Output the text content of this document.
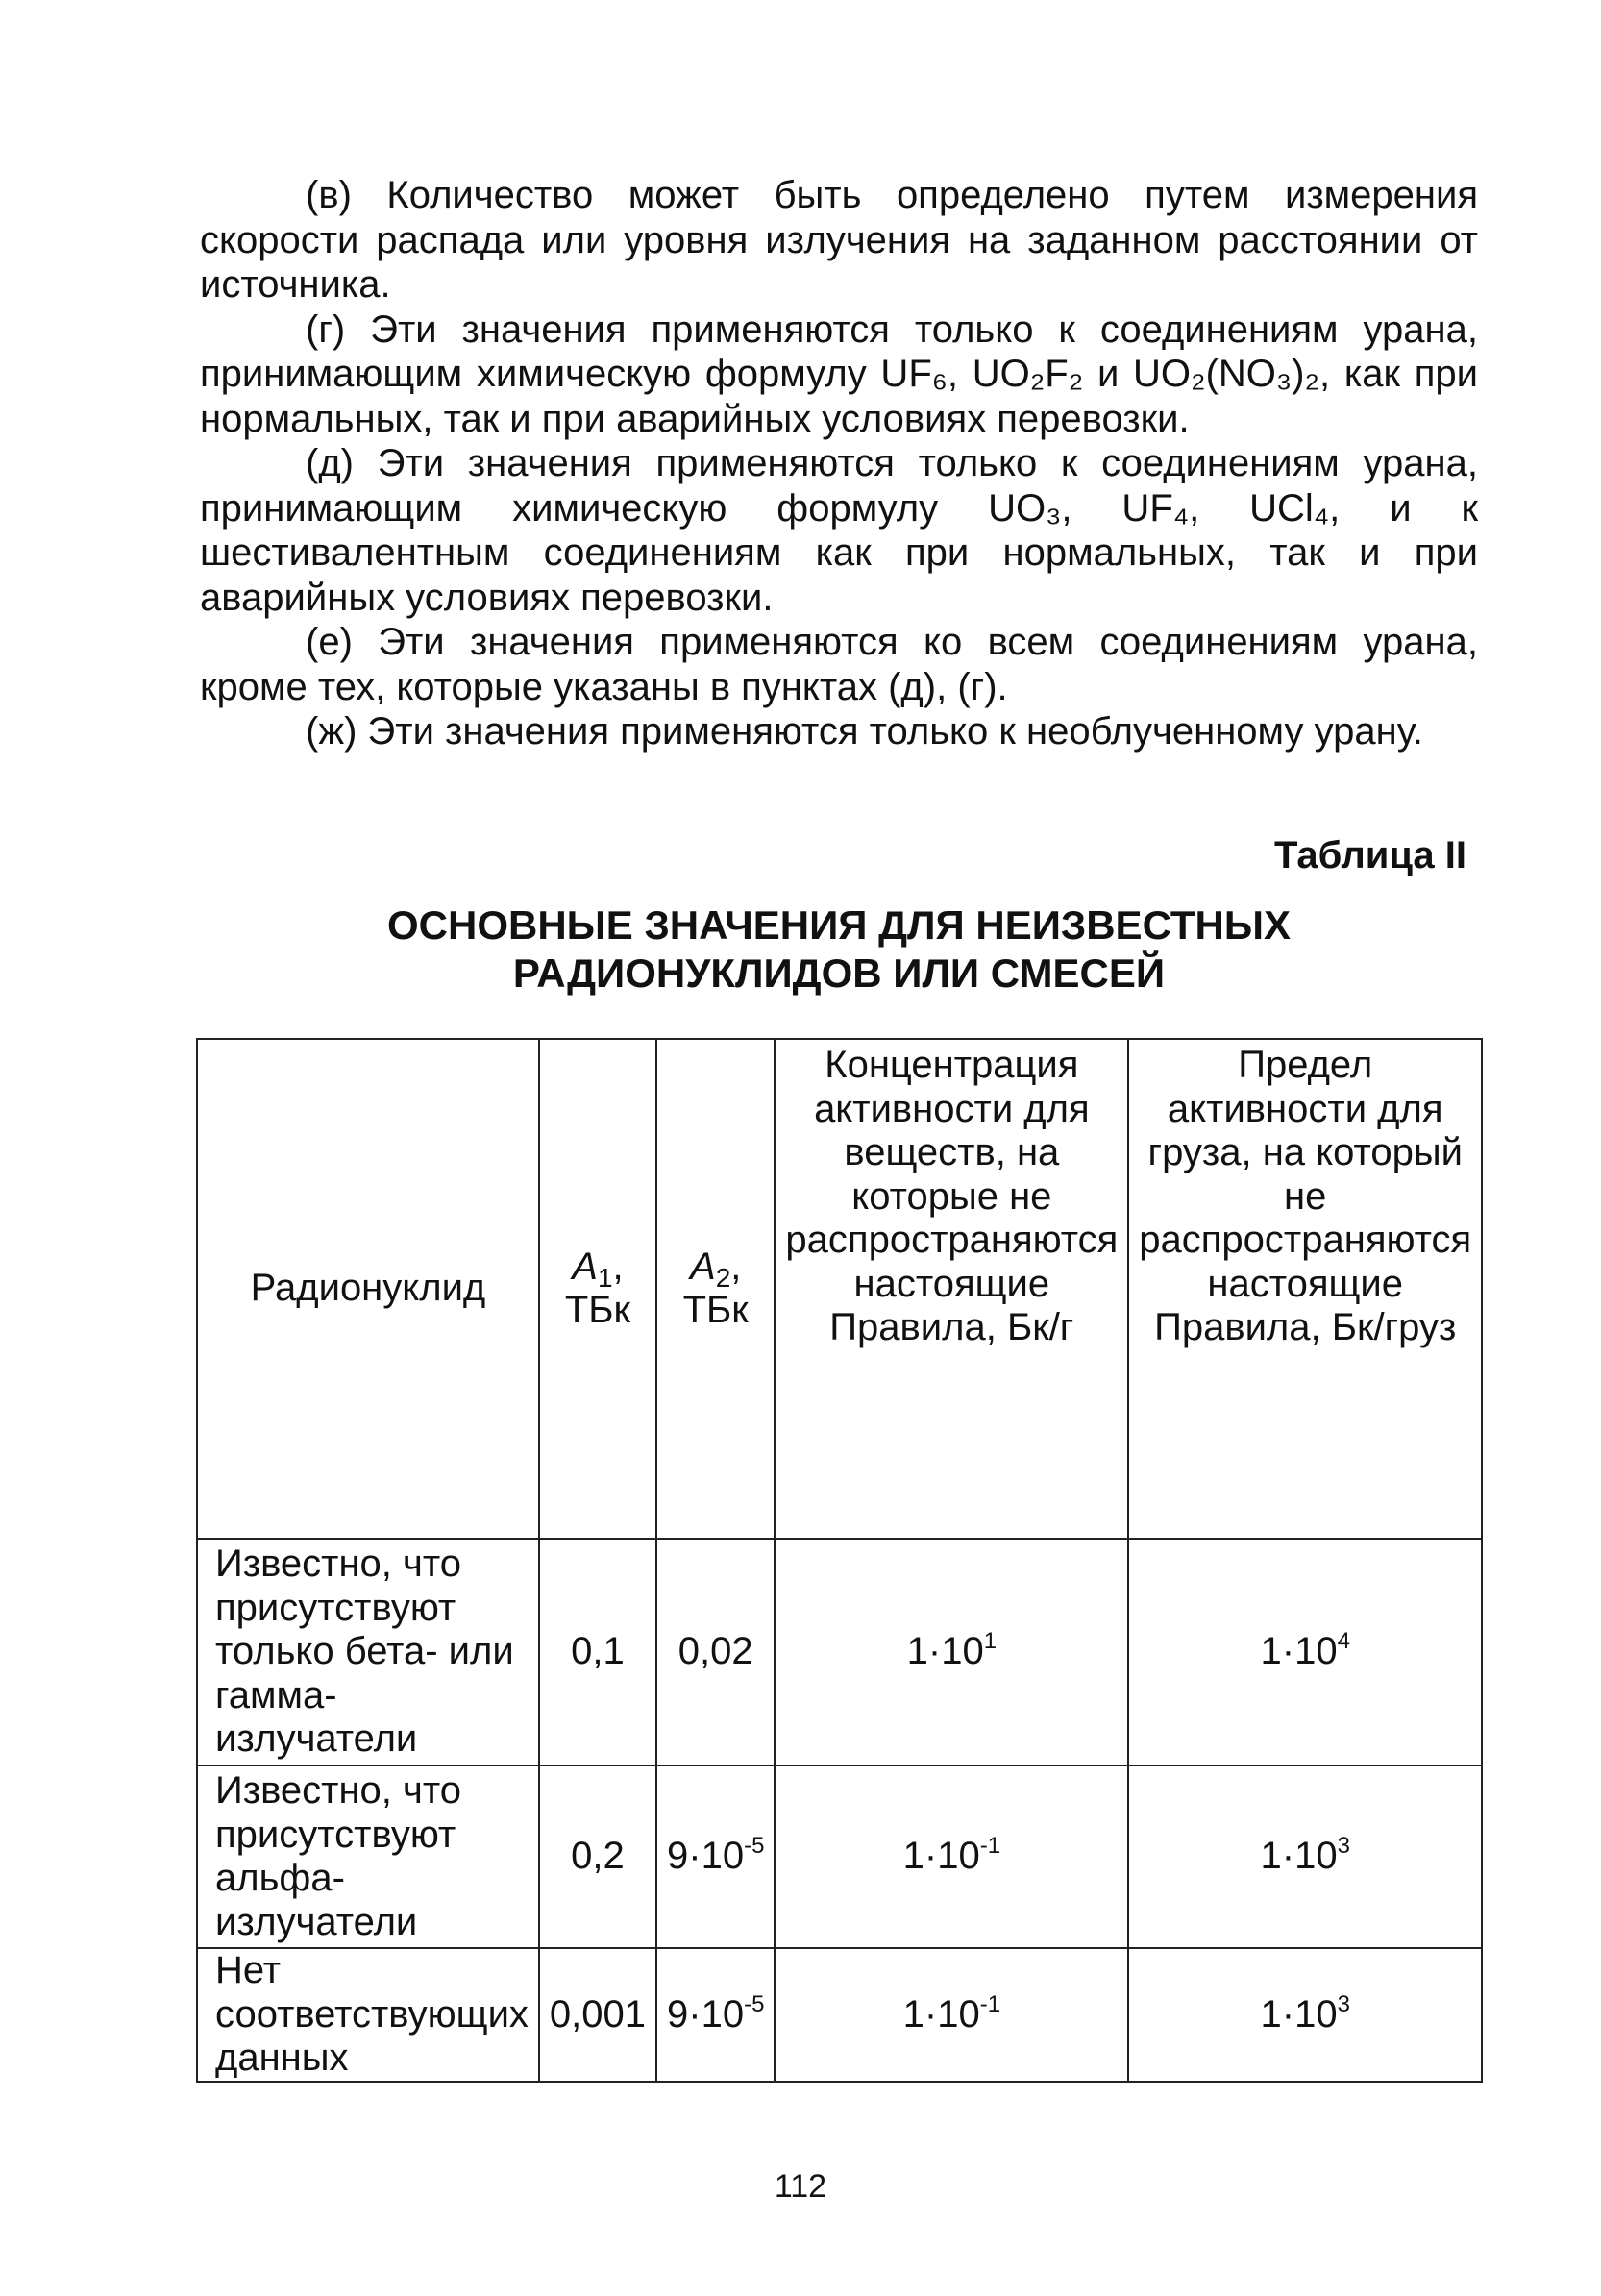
(в) Количество может быть определено путем измерения скорости распада или уровня излучения на заданном расстоянии от источника.

(г) Эти значения применяются только к соединениям урана, принимающим химическую формулу UF₆, UO₂F₂ и UO₂(NO₃)₂, как при нормальных, так и при аварийных условиях перевозки.

(д) Эти значения применяются только к соединениям урана, принимающим химическую формулу UO₃, UF₄, UCl₄, и к шестивалентным соединениям как при нормальных, так и при аварийных условиях перевозки.

(е) Эти значения применяются ко всем соединениям урана, кроме тех, которые указаны в пунктах (д), (г).

(ж) Эти значения применяются только к необлученному урану.

Таблица II
ОСНОВНЫЕ ЗНАЧЕНИЯ ДЛЯ НЕИЗВЕСТНЫХ
РАДИОНУКЛИДОВ ИЛИ СМЕСЕЙ
Радионуклид	$A_1$, ТБк	$A_2$, ТБк	Концентрация активности для веществ, на которые не распространяются настоящие Правила, Бк/г	Предел активности для груза, на который не распространяются настоящие Правила, Бк/груз
Известно, что присутствуют только бета- или гамма-излучатели	0,1	0,02	$1\cdot 10^1$	$1\cdot 10^4$
Известно, что присутствуют альфа-излучатели	0,2	$9\cdot 10^{-5}$	$1\cdot 10^{-1}$	$1\cdot 10^3$
Нет соответствующих данных	0,001	$9\cdot 10^{-5}$	$1\cdot 10^{-1}$	$1\cdot 10^3$
112
